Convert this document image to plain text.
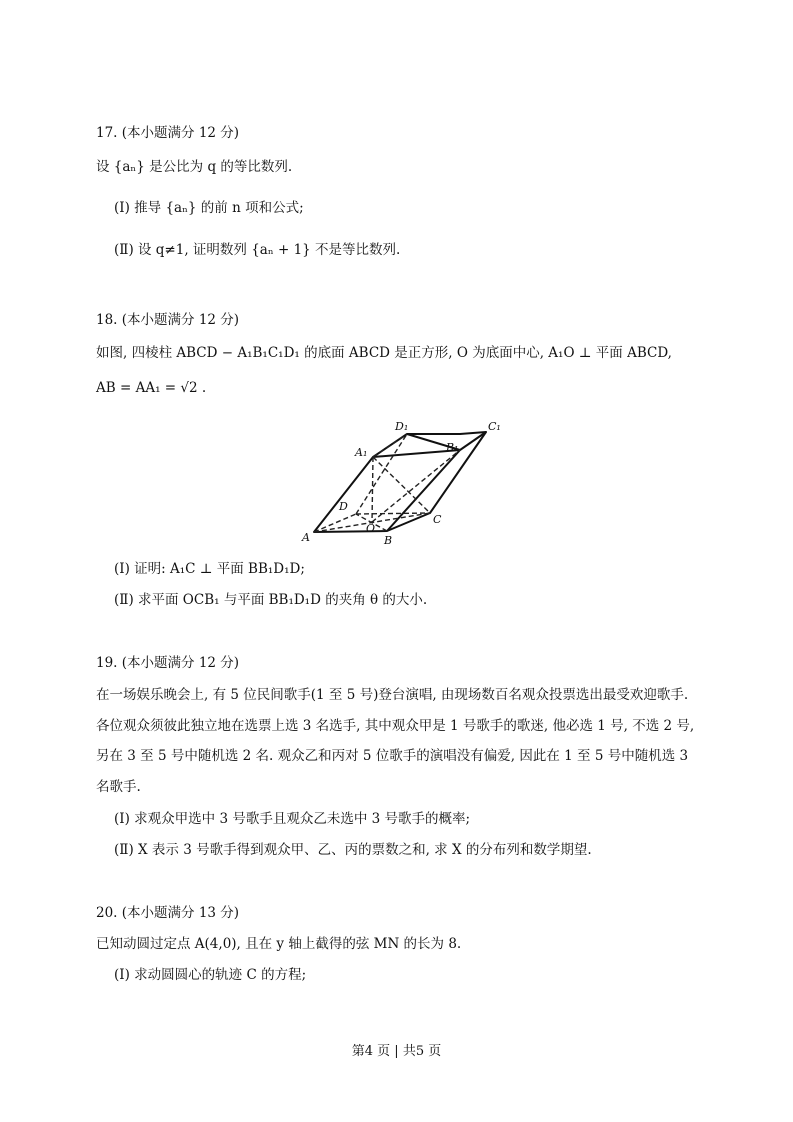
17. (本小题满分 12 分)
设 {aₙ} 是公比为 q 的等比数列.
(Ⅰ) 推导 {aₙ} 的前 n 项和公式;
(Ⅱ) 设 q≠1, 证明数列 {aₙ + 1} 不是等比数列.
18. (本小题满分 12 分)
如图, 四棱柱 ABCD − A₁B₁C₁D₁ 的底面 ABCD 是正方形, O 为底面中心, A₁O ⊥ 平面 ABCD,
AB = AA₁ = √2 .
A	B
C
D
O
A₁	B₁
C₁
D₁
(Ⅰ) 证明: A₁C ⊥ 平面 BB₁D₁D;
(Ⅱ) 求平面 OCB₁ 与平面 BB₁D₁D 的夹角 θ 的大小.
19. (本小题满分 12 分)
在一场娱乐晚会上, 有 5 位民间歌手(1 至 5 号)登台演唱, 由现场数百名观众投票选出最受欢迎歌手.
各位观众须彼此独立地在选票上选 3 名选手, 其中观众甲是 1 号歌手的歌迷, 他必选 1 号, 不选 2 号,
另在 3 至 5 号中随机选 2 名. 观众乙和丙对 5 位歌手的演唱没有偏爱, 因此在 1 至 5 号中随机选 3
名歌手.
(Ⅰ) 求观众甲选中 3 号歌手且观众乙未选中 3 号歌手的概率;
(Ⅱ) X 表示 3 号歌手得到观众甲、乙、丙的票数之和, 求 X 的分布列和数学期望.
20. (本小题满分 13 分)
已知动圆过定点 A(4,0), 且在 y 轴上截得的弦 MN 的长为 8.
(Ⅰ) 求动圆圆心的轨迹 C 的方程;
第4 页 | 共5 页
